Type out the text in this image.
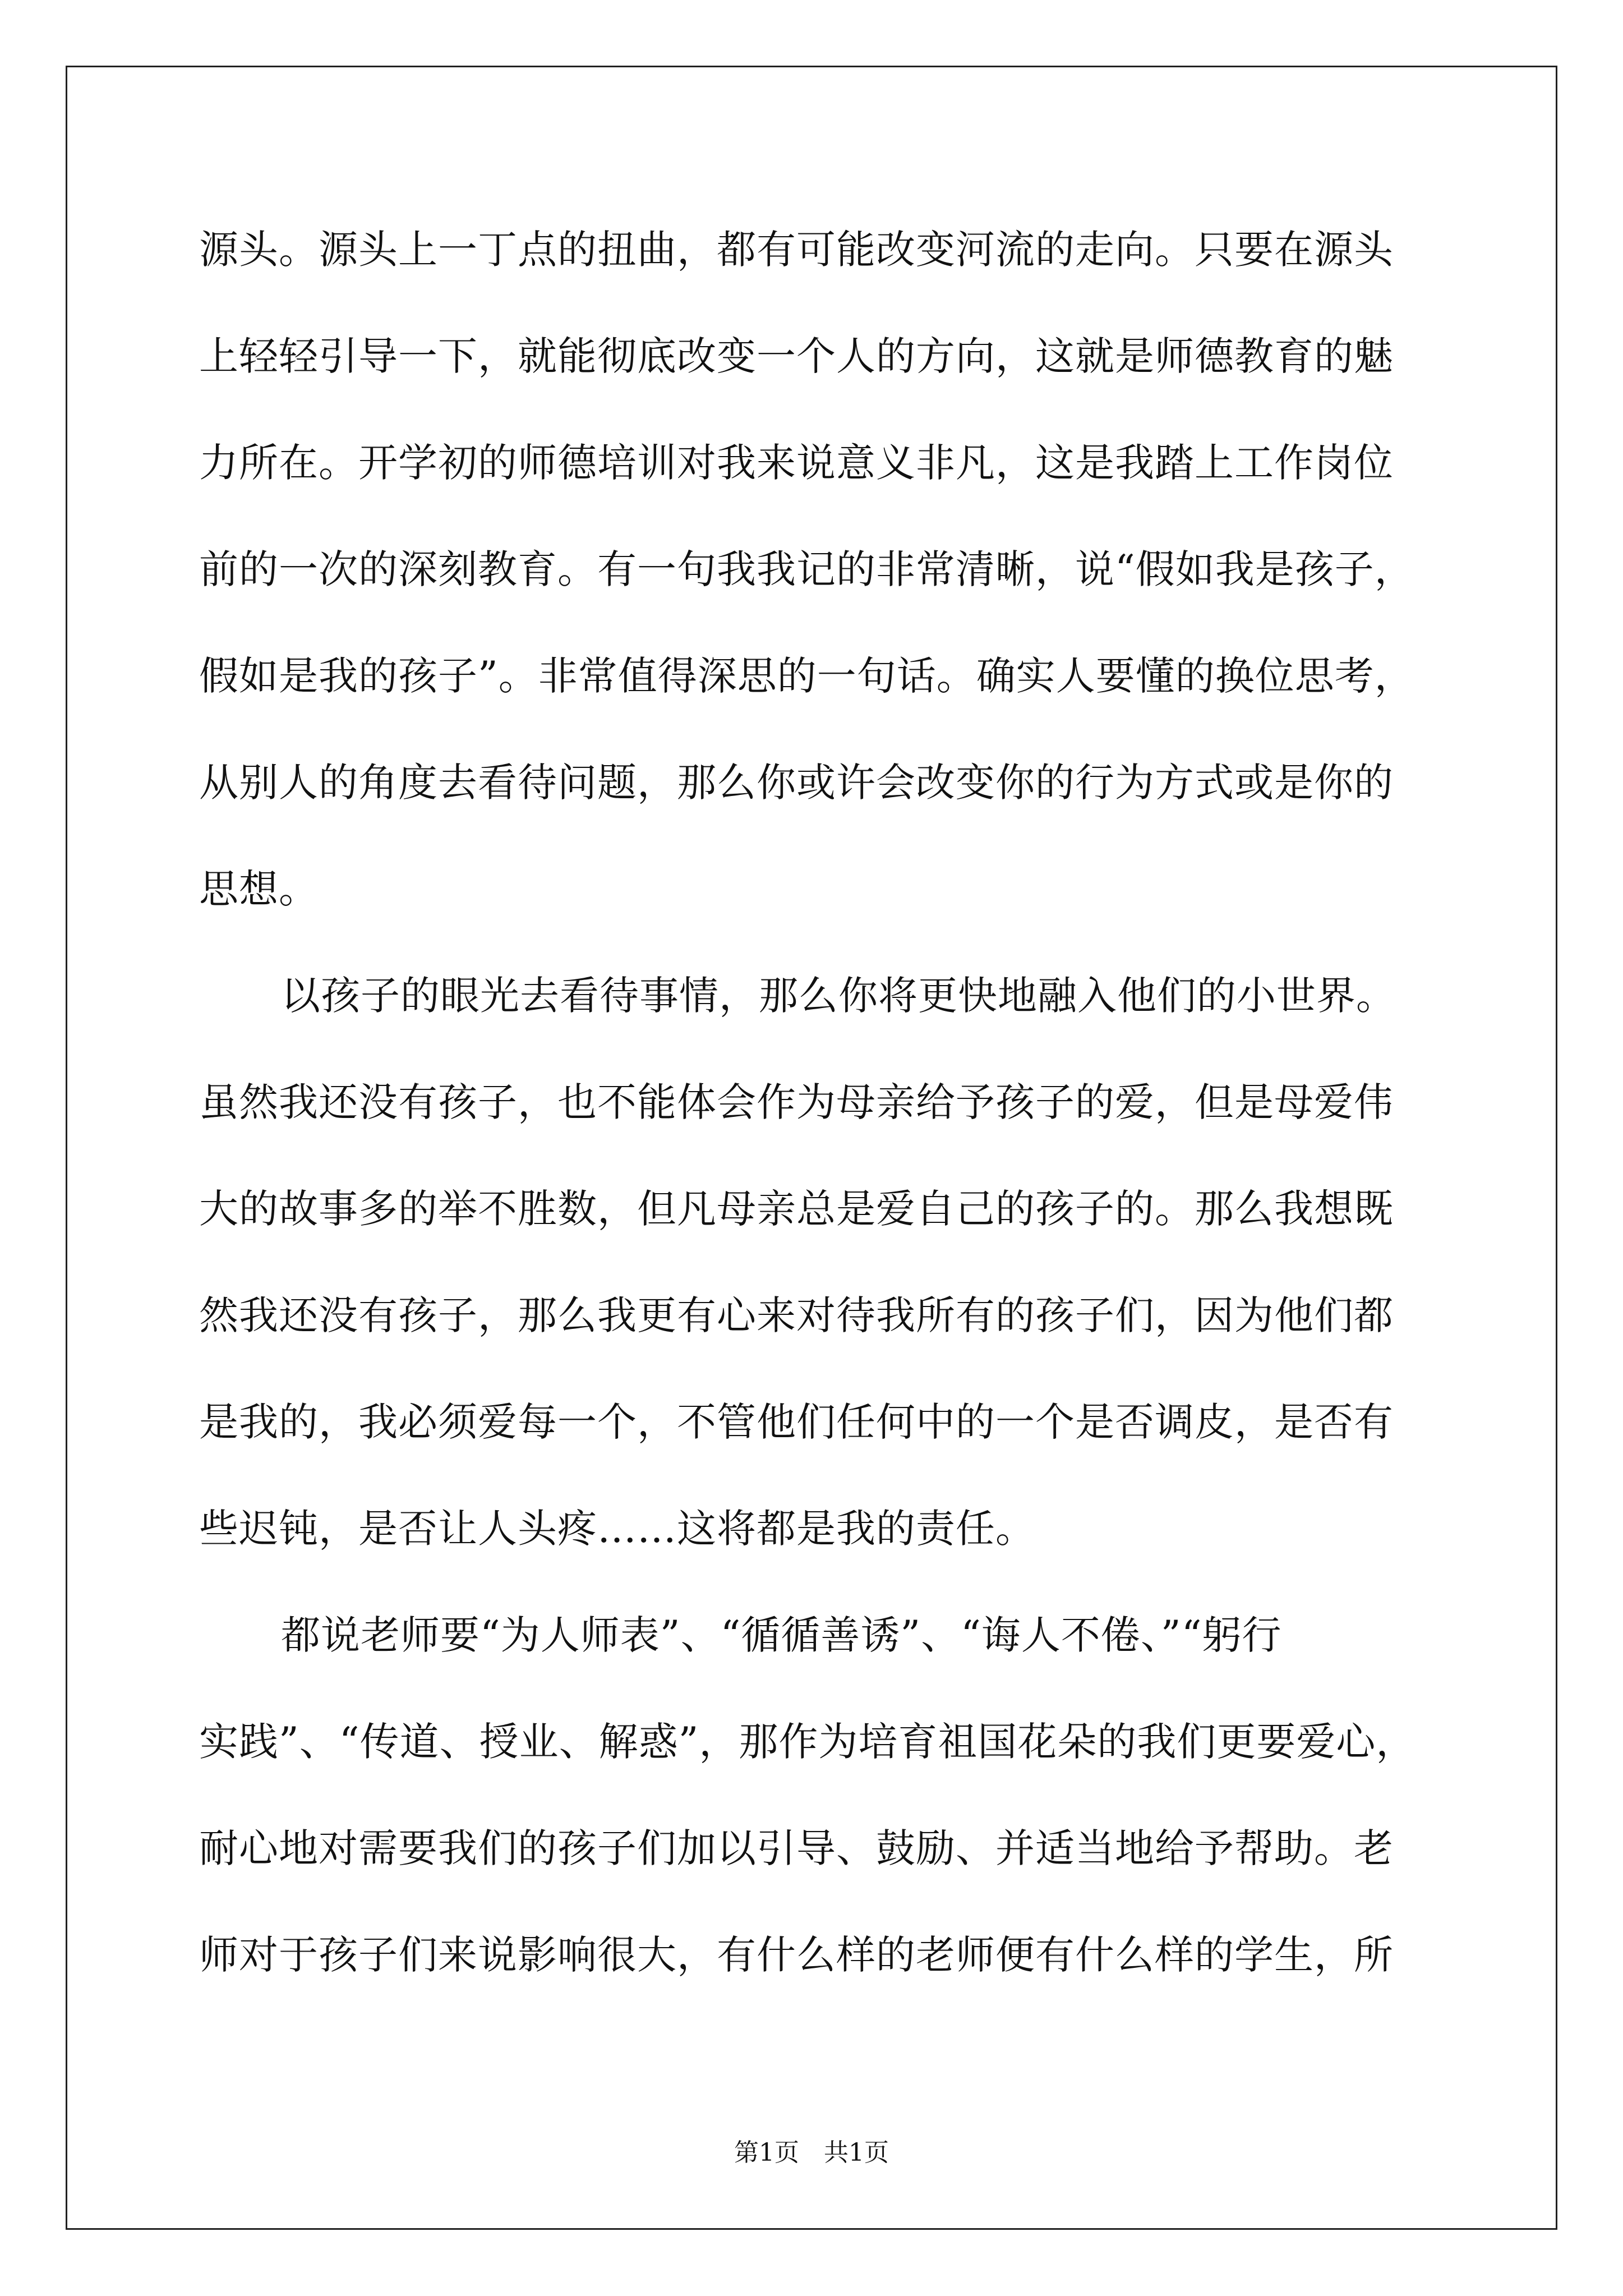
源头。源头上一丁点的扭曲，都有可能改变河流的走向。只要在源头
上轻轻引导一下，就能彻底改变一个人的方向，这就是师德教育的魅
力所在。开学初的师德培训对我来说意义非凡，这是我踏上工作岗位
前的一次的深刻教育。有一句我我记的非常清晰，说“假如我是孩子，
假如是我的孩子”。非常值得深思的一句话。确实人要懂的换位思考，
从别人的角度去看待问题，那么你或许会改变你的行为方式或是你的
思想。
以孩子的眼光去看待事情，那么你将更快地融入他们的小世界。
虽然我还没有孩子，也不能体会作为母亲给予孩子的爱，但是母爱伟
大的故事多的举不胜数，但凡母亲总是爱自己的孩子的。那么我想既
然我还没有孩子，那么我更有心来对待我所有的孩子们，因为他们都
是我的，我必须爱每一个，不管他们任何中的一个是否调皮，是否有
些迟钝，是否让人头疼……这将都是我的责任。
都说老师要“为人师表”、“循循善诱”、“诲人不倦、”“躬行
实践”、“传道、授业、解惑”，那作为培育祖国花朵的我们更要爱心，
耐心地对需要我们的孩子们加以引导、鼓励、并适当地给予帮助。老
师对于孩子们来说影响很大，有什么样的老师便有什么样的学生，所
第1页　共1页
